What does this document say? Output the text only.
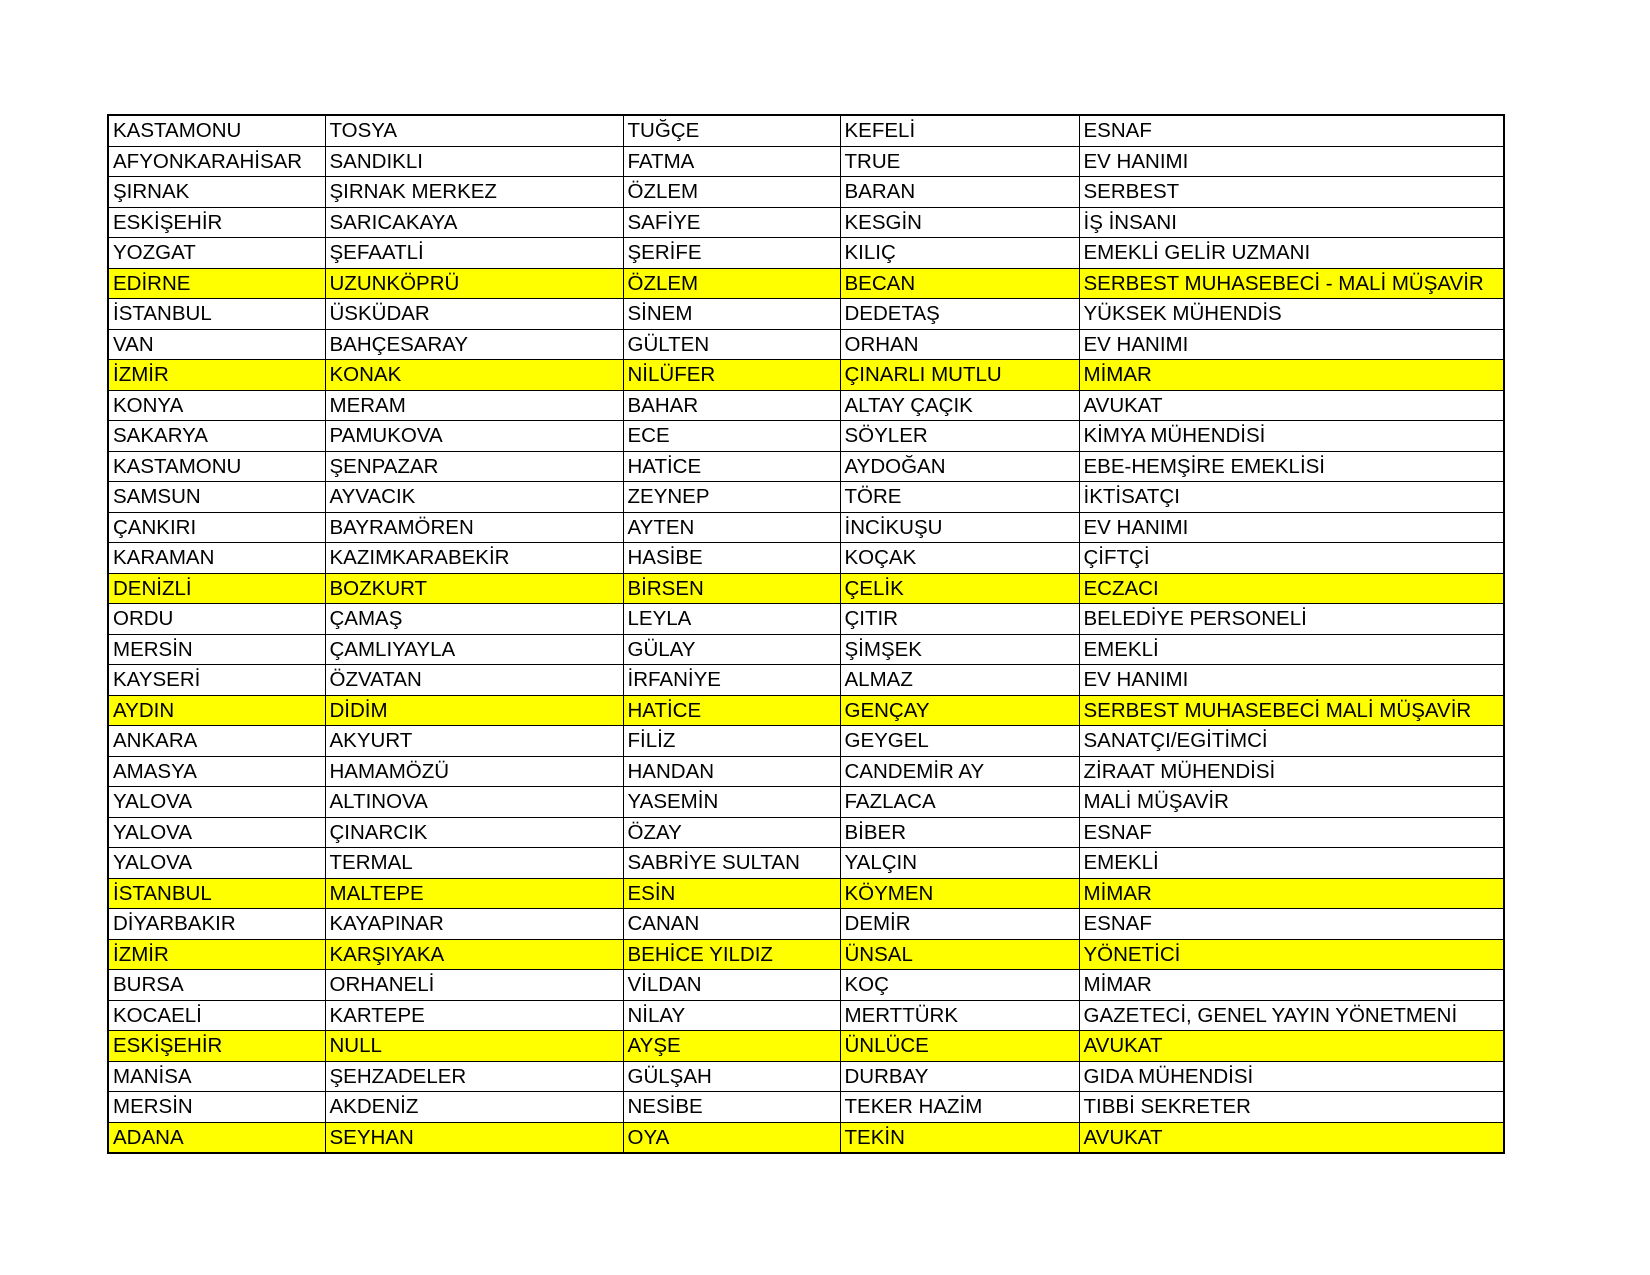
KASTAMONU	TOSYA	TUĞÇE	KEFELİ	ESNAF
AFYONKARAHİSAR	SANDIKLI	FATMA	TRUE	EV HANIMI
ŞIRNAK	ŞIRNAK MERKEZ	ÖZLEM	BARAN	SERBEST
ESKİŞEHİR	SARICAKAYA	SAFİYE	KESGİN	İŞ İNSANI
YOZGAT	ŞEFAATLİ	ŞERİFE	KILIÇ	EMEKLİ GELİR UZMANI
EDİRNE	UZUNKÖPRÜ	ÖZLEM	BECAN	SERBEST MUHASEBECİ - MALİ MÜŞAVİR
İSTANBUL	ÜSKÜDAR	SİNEM	DEDETAŞ	YÜKSEK MÜHENDİS
VAN	BAHÇESARAY	GÜLTEN	ORHAN	EV HANIMI
İZMİR	KONAK	NİLÜFER	ÇINARLI MUTLU	MİMAR
KONYA	MERAM	BAHAR	ALTAY ÇAÇIK	AVUKAT
SAKARYA	PAMUKOVA	ECE	SÖYLER	KİMYA MÜHENDİSİ
KASTAMONU	ŞENPAZAR	HATİCE	AYDOĞAN	EBE-HEMŞİRE EMEKLİSİ
SAMSUN	AYVACIK	ZEYNEP	TÖRE	İKTİSATÇI
ÇANKIRI	BAYRAMÖREN	AYTEN	İNCİKUŞU	EV HANIMI
KARAMAN	KAZIMKARABEKİR	HASİBE	KOÇAK	ÇİFTÇİ
DENİZLİ	BOZKURT	BİRSEN	ÇELİK	ECZACI
ORDU	ÇAMAŞ	LEYLA	ÇITIR	BELEDİYE PERSONELİ
MERSİN	ÇAMLIYAYLA	GÜLAY	ŞİMŞEK	EMEKLİ
KAYSERİ	ÖZVATAN	İRFANİYE	ALMAZ	EV HANIMI
AYDIN	DİDİM	HATİCE	GENÇAY	SERBEST MUHASEBECİ MALİ MÜŞAVİR
ANKARA	AKYURT	FİLİZ	GEYGEL	SANATÇI/EGİTİMCİ
AMASYA	HAMAMÖZÜ	HANDAN	CANDEMİR AY	ZİRAAT MÜHENDİSİ
YALOVA	ALTINOVA	YASEMİN	FAZLACA	MALİ MÜŞAVİR
YALOVA	ÇINARCIK	ÖZAY	BİBER	ESNAF
YALOVA	TERMAL	SABRİYE SULTAN	YALÇIN	EMEKLİ
İSTANBUL	MALTEPE	ESİN	KÖYMEN	MİMAR
DİYARBAKIR	KAYAPINAR	CANAN	DEMİR	ESNAF
İZMİR	KARŞIYAKA	BEHİCE YILDIZ	ÜNSAL	YÖNETİCİ
BURSA	ORHANELİ	VİLDAN	KOÇ	MİMAR
KOCAELİ	KARTEPE	NİLAY	MERTTÜRK	GAZETECİ, GENEL YAYIN YÖNETMENİ
ESKİŞEHİR	NULL	AYŞE	ÜNLÜCE	AVUKAT
MANİSA	ŞEHZADELER	GÜLŞAH	DURBAY	GIDA MÜHENDİSİ
MERSİN	AKDENİZ	NESİBE	TEKER HAZİM	TIBBİ SEKRETER
ADANA	SEYHAN	OYA	TEKİN	AVUKAT
